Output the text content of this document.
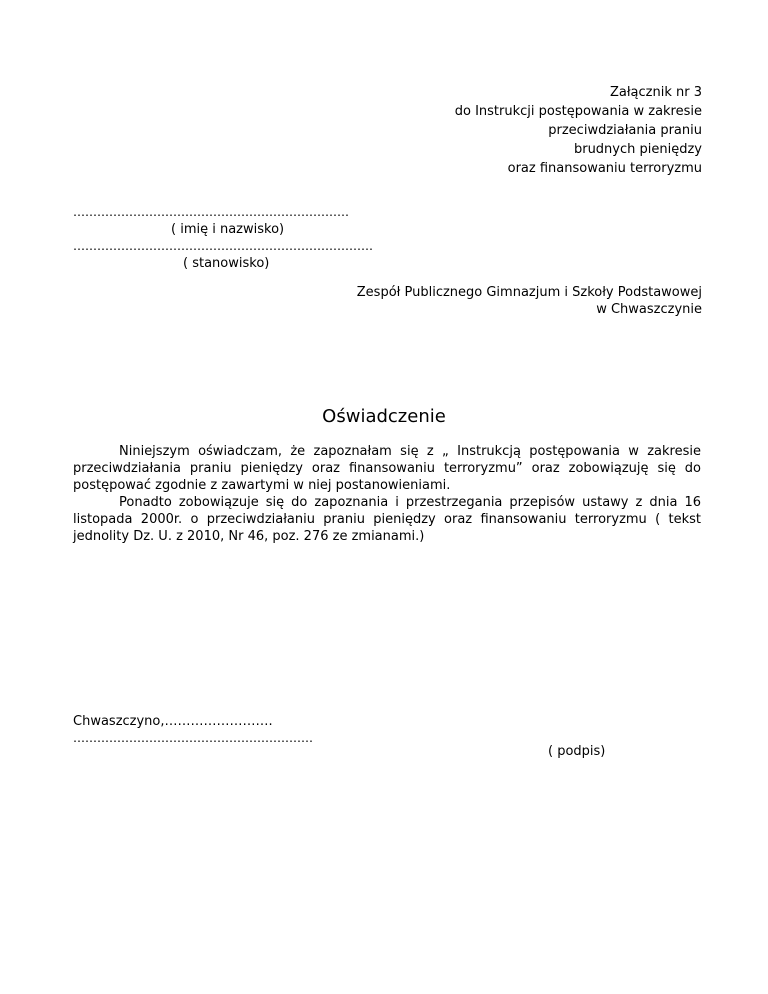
Załącznik nr 3
do Instrukcji postępowania w zakresie
przeciwdziałania praniu
brudnych pieniędzy
oraz finansowaniu terroryzmu
……………………………………………………………
( imię i nazwisko)
…………………………………………………………………
( stanowisko)
Zespół Publicznego Gimnazjum i Szkoły Podstawowej
w Chwaszczynie
Oświadczenie

Niniejszym oświadczam, że zapoznałam się z „ Instrukcją postępowania w zakresie przeciwdziałania praniu pieniędzy oraz finansowaniu terroryzmu” oraz zobowiązuję się do postępować zgodnie z zawartymi w niej postanowieniami.

Ponadto zobowiązuje się do zapoznania i przestrzegania przepisów ustawy z dnia 16 listopada 2000r. o przeciwdziałaniu praniu pieniędzy oraz finansowaniu terroryzmu ( tekst jednolity Dz. U. z 2010, Nr 46, poz. 276 ze zmianami.)

Chwaszczyno,…………………….
……………………………………………………
( podpis)
